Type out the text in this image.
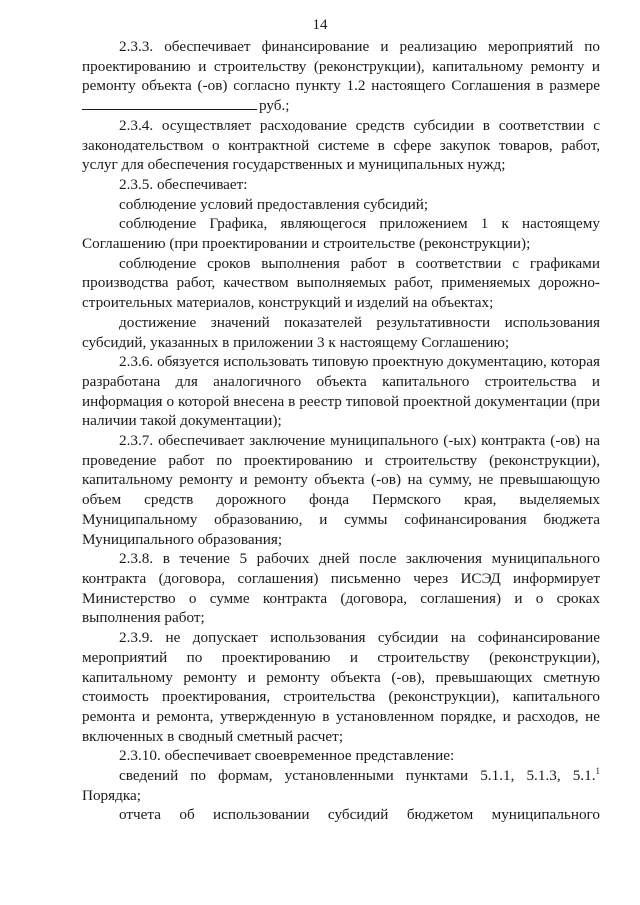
14

2.3.3. обеспечивает финансирование и реализацию мероприятий по проектированию и строительству (реконструкции), капитальному ремонту и ремонту объекта (-ов) согласно пункту 1.2 настоящего Соглашения в размере руб.;

2.3.4. осуществляет расходование средств субсидии в соответствии с законодательством о контрактной системе в сфере закупок товаров, работ, услуг для обеспечения государственных и муниципальных нужд;

2.3.5. обеспечивает:

соблюдение условий предоставления субсидий;

соблюдение Графика, являющегося приложением 1 к настоящему Соглашению (при проектировании и строительстве (реконструкции);

соблюдение сроков выполнения работ в соответствии с графиками производства работ, качеством выполняемых работ, применяемых дорожно-строительных материалов, конструкций и изделий на объектах;

достижение значений показателей результативности использования субсидий, указанных в приложении 3 к настоящему Соглашению;

2.3.6. обязуется использовать типовую проектную документацию, которая разработана для аналогичного объекта капитального строительства и информация о которой внесена в реестр типовой проектной документации (при наличии такой документации);

2.3.7. обеспечивает заключение муниципального (-ых) контракта (-ов) на проведение работ по проектированию и строительству (реконструкции), капитальному ремонту и ремонту объекта (-ов) на сумму, не превышающую объем средств дорожного фонда Пермского края, выделяемых Муниципальному образованию, и суммы софинансирования бюджета Муниципального образования;

2.3.8. в течение 5 рабочих дней после заключения муниципального контракта (договора, соглашения) письменно через ИСЭД информирует Министерство о сумме контракта (договора, соглашения) и о сроках выполнения работ;

2.3.9. не допускает использования субсидии на софинансирование мероприятий по проектированию и строительству (реконструкции), капитальному ремонту и ремонту объекта (-ов), превышающих сметную стоимость проектирования, строительства (реконструкции), капитального ремонта и ремонта, утвержденную в установленном порядке, и расходов, не включенных в сводный сметный расчет;

2.3.10. обеспечивает своевременное представление:

сведений по формам, установленными пунктами 5.1.1, 5.1.3, 5.1.$^1$ Порядка;

отчета об использовании субсидий бюджетом муниципального
